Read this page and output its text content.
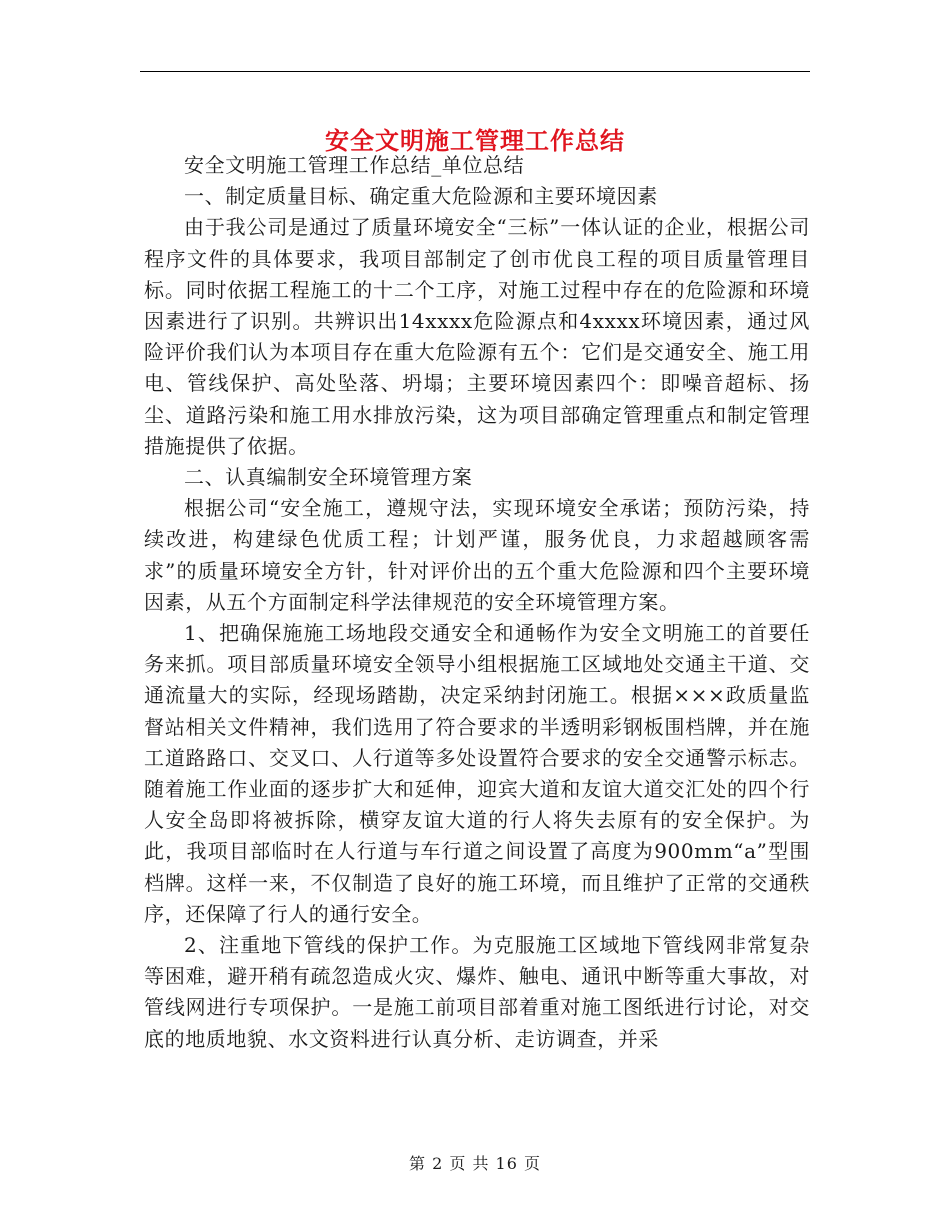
安全文明施工管理工作总结

安全文明施工管理工作总结_单位总结

一、制定质量目标、确定重大危险源和主要环境因素

由于我公司是通过了质量环境安全“三标”一体认证的企业，根据公司程序文件的具体要求，我项目部制定了创市优良工程的项目质量管理目标。同时依据工程施工的十二个工序，对施工过程中存在的危险源和环境因素进行了识别。共辨识出14xxxx危险源点和4xxxx环境因素，通过风险评价我们认为本项目存在重大危险源有五个：它们是交通安全、施工用电、管线保护、高处坠落、坍塌；主要环境因素四个：即噪音超标、扬尘、道路污染和施工用水排放污染，这为项目部确定管理重点和制定管理措施提供了依据。

二、认真编制安全环境管理方案

根据公司“安全施工，遵规守法，实现环境安全承诺；预防污染，持续改进，构建绿色优质工程；计划严谨，服务优良，力求超越顾客需求”的质量环境安全方针，针对评价出的五个重大危险源和四个主要环境因素，从五个方面制定科学法律规范的安全环境管理方案。

1、把确保施施工场地段交通安全和通畅作为安全文明施工的首要任务来抓。项目部质量环境安全领导小组根据施工区域地处交通主干道、交通流量大的实际，经现场踏勘，决定采纳封闭施工。根据×××政质量监督站相关文件精神，我们选用了符合要求的半透明彩钢板围档牌，并在施工道路路口、交叉口、人行道等多处设置符合要求的安全交通警示标志。随着施工作业面的逐步扩大和延伸，迎宾大道和友谊大道交汇处的四个行人安全岛即将被拆除，横穿友谊大道的行人将失去原有的安全保护。为此，我项目部临时在人行道与车行道之间设置了高度为900mm“a”型围档牌。这样一来，不仅制造了良好的施工环境，而且维护了正常的交通秩序，还保障了行人的通行安全。

2、注重地下管线的保护工作。为克服施工区域地下管线网非常复杂等困难，避开稍有疏忽造成火灾、爆炸、触电、通讯中断等重大事故，对管线网进行专项保护。一是施工前项目部着重对施工图纸进行讨论，对交底的地质地貌、水文资料进行认真分析、走访调查，并采

第 2 页 共 16 页
